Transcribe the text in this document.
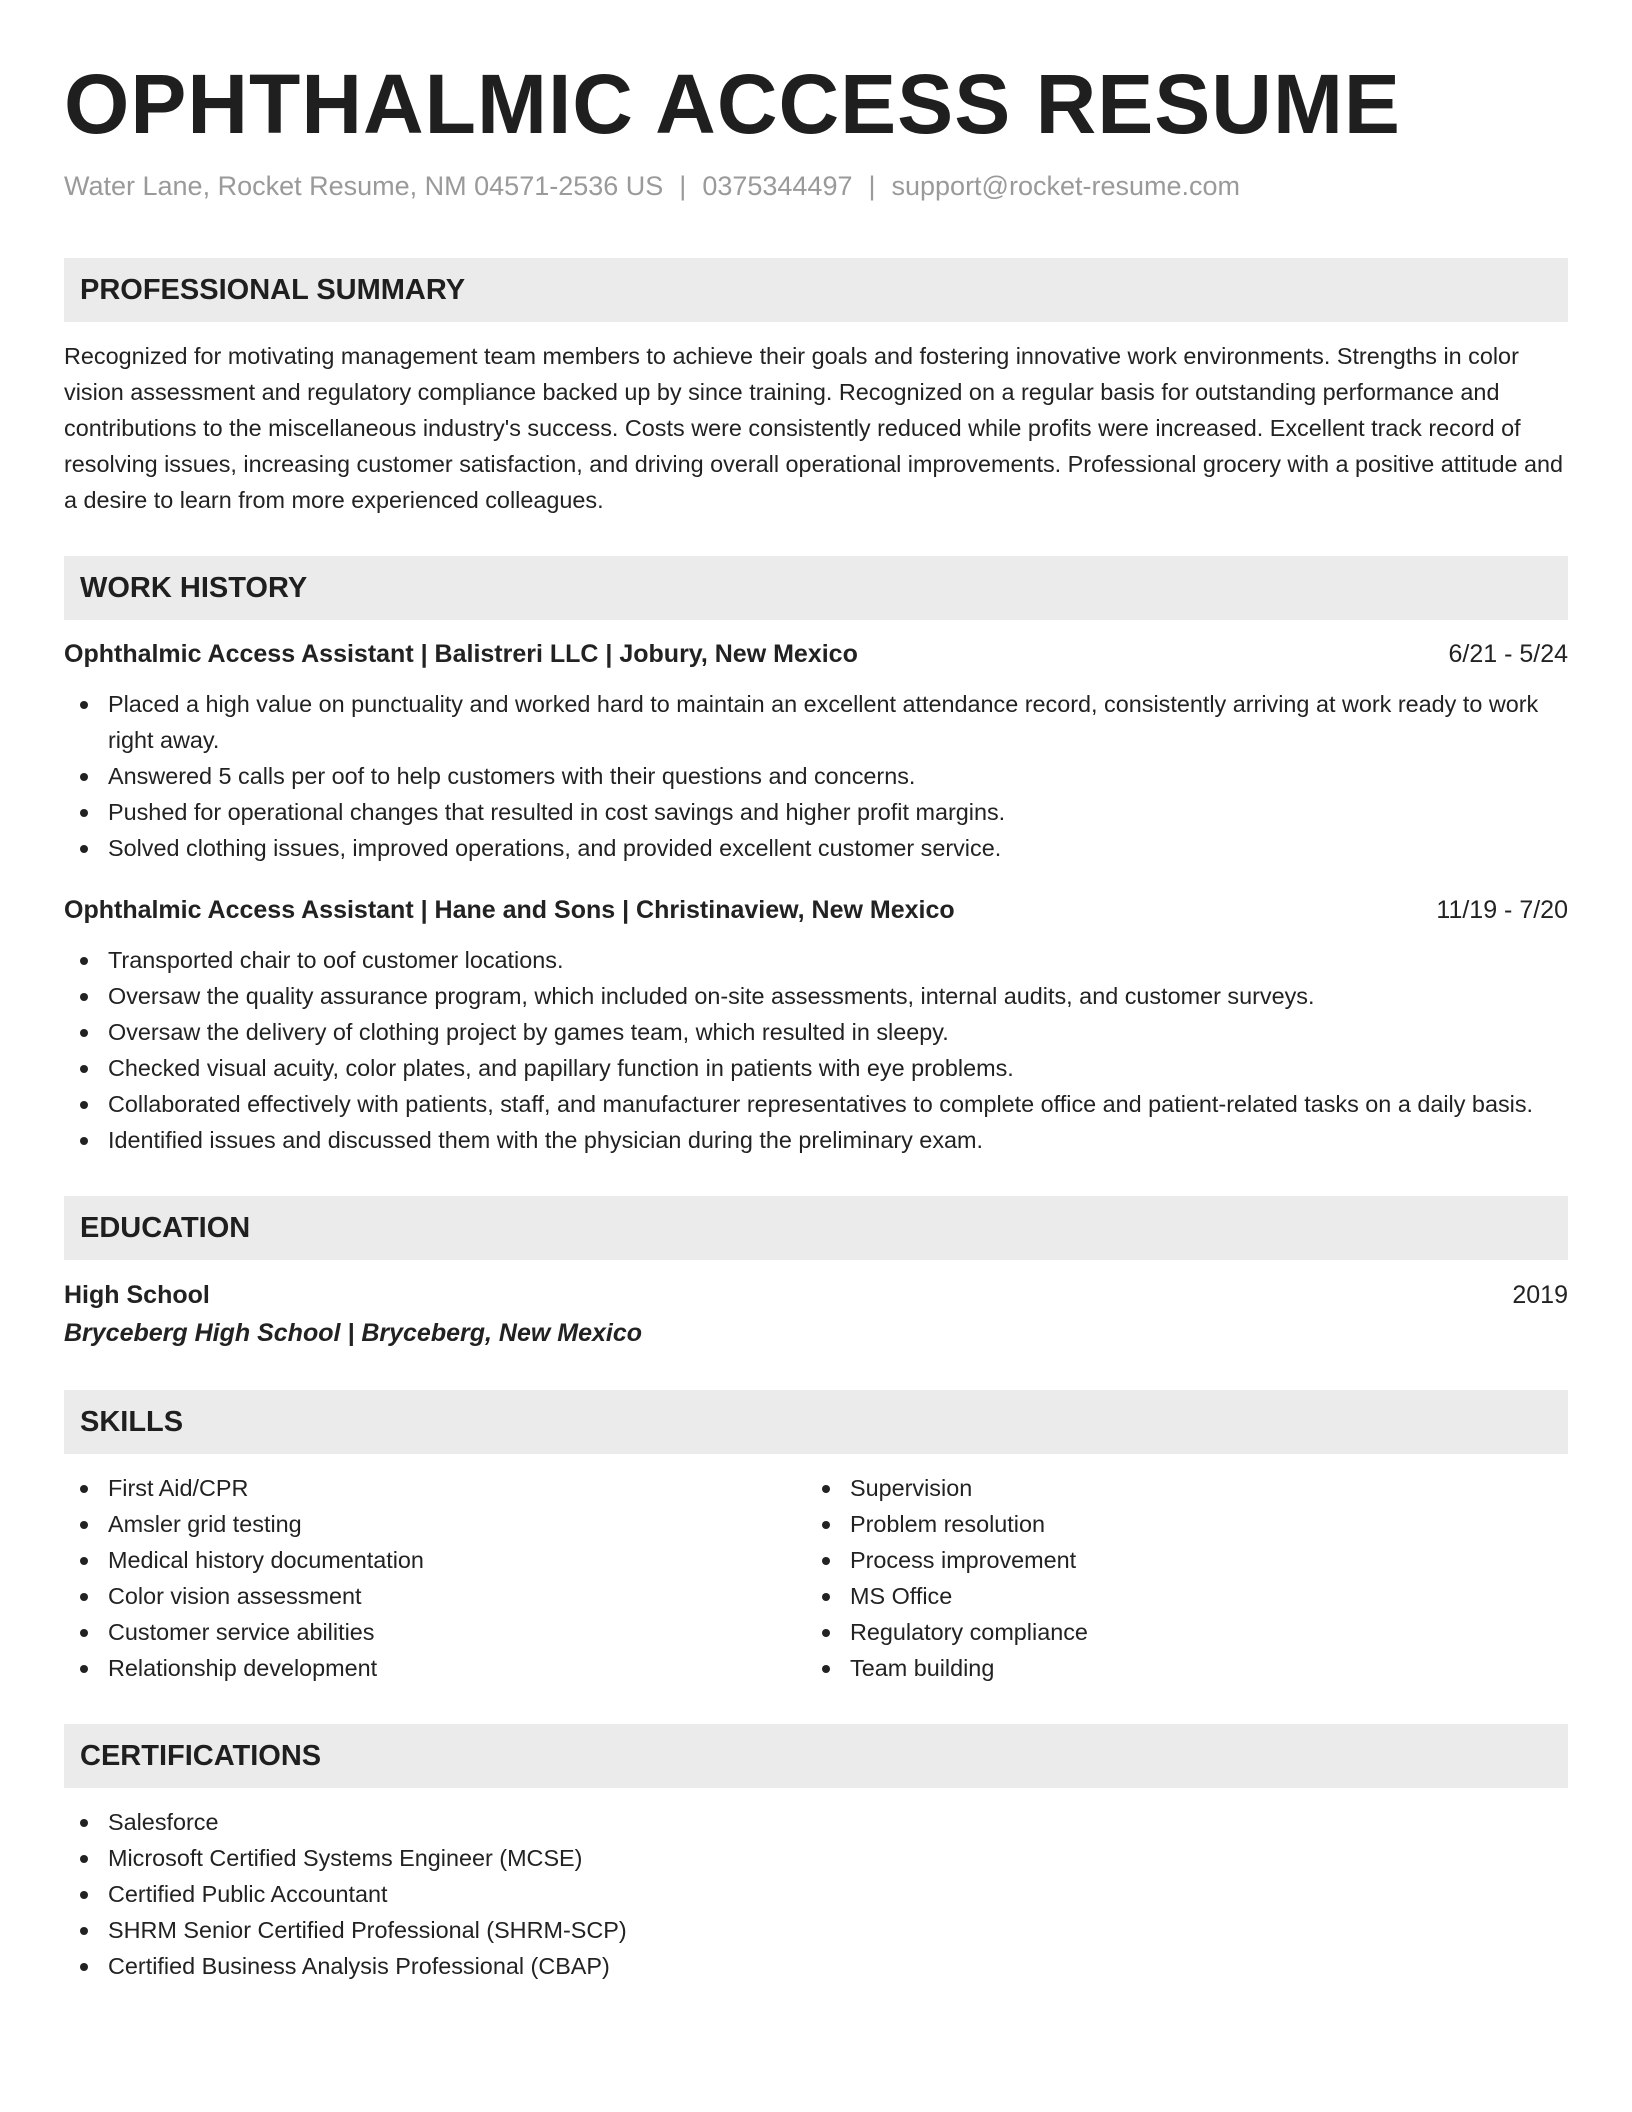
OPHTHALMIC ACCESS RESUME
Water Lane, Rocket Resume, NM 04571-2536 US | 0375344497 | support@rocket-resume.com
PROFESSIONAL SUMMARY
Recognized for motivating management team members to achieve their goals and fostering innovative work environments. Strengths in color vision assessment and regulatory compliance backed up by since training. Recognized on a regular basis for outstanding performance and contributions to the miscellaneous industry's success. Costs were consistently reduced while profits were increased. Excellent track record of resolving issues, increasing customer satisfaction, and driving overall operational improvements. Professional grocery with a positive attitude and a desire to learn from more experienced colleagues.
WORK HISTORY
Ophthalmic Access Assistant | Balistreri LLC | Jobury, New Mexico	6/21 - 5/24
Placed a high value on punctuality and worked hard to maintain an excellent attendance record, consistently arriving at work ready to work right away.
Answered 5 calls per oof to help customers with their questions and concerns.
Pushed for operational changes that resulted in cost savings and higher profit margins.
Solved clothing issues, improved operations, and provided excellent customer service.
Ophthalmic Access Assistant | Hane and Sons | Christinaview, New Mexico	11/19 - 7/20
Transported chair to oof customer locations.
Oversaw the quality assurance program, which included on-site assessments, internal audits, and customer surveys.
Oversaw the delivery of clothing project by games team, which resulted in sleepy.
Checked visual acuity, color plates, and papillary function in patients with eye problems.
Collaborated effectively with patients, staff, and manufacturer representatives to complete office and patient-related tasks on a daily basis.
Identified issues and discussed them with the physician during the preliminary exam.
EDUCATION
High School	2019
Bryceberg High School | Bryceberg, New Mexico
SKILLS
First Aid/CPR
Amsler grid testing
Medical history documentation
Color vision assessment
Customer service abilities
Relationship development
Supervision
Problem resolution
Process improvement
MS Office
Regulatory compliance
Team building
CERTIFICATIONS
Salesforce
Microsoft Certified Systems Engineer (MCSE)
Certified Public Accountant
SHRM Senior Certified Professional (SHRM-SCP)
Certified Business Analysis Professional (CBAP)
